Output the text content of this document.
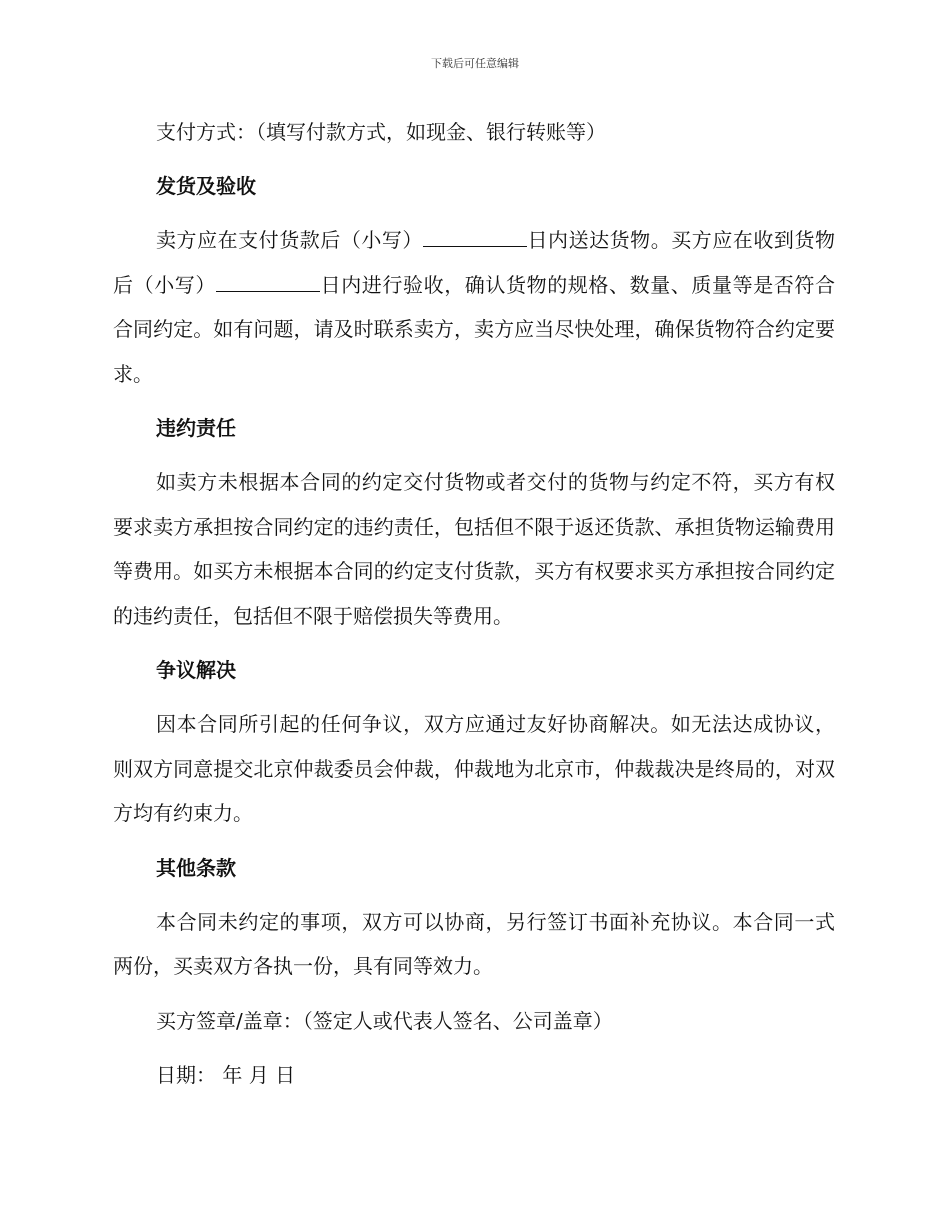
下载后可任意编辑

支付方式：（填写付款方式，如现金、银行转账等）

发货及验收

卖方应在支付货款后（小写）	日内送达货物。买方应在收到货物后（小写）	日内进行验收，确认货物的规格、数量、质量等是否符合合同约定。如有问题，请及时联系卖方，卖方应当尽快处理，确保货物符合约定要求。

违约责任

如卖方未根据本合同的约定交付货物或者交付的货物与约定不符，买方有权要求卖方承担按合同约定的违约责任，包括但不限于返还货款、承担货物运输费用等费用。如买方未根据本合同的约定支付货款，买方有权要求买方承担按合同约定的违约责任，包括但不限于赔偿损失等费用。

争议解决

因本合同所引起的任何争议，双方应通过友好协商解决。如无法达成协议，则双方同意提交北京仲裁委员会仲裁，仲裁地为北京市，仲裁裁决是终局的，对双方均有约束力。

其他条款

本合同未约定的事项，双方可以协商，另行签订书面补充协议。本合同一式两份，买卖双方各执一份，具有同等效力。

买方签章/盖章：（签定人或代表人签名、公司盖章）

日期： 年 月 日
